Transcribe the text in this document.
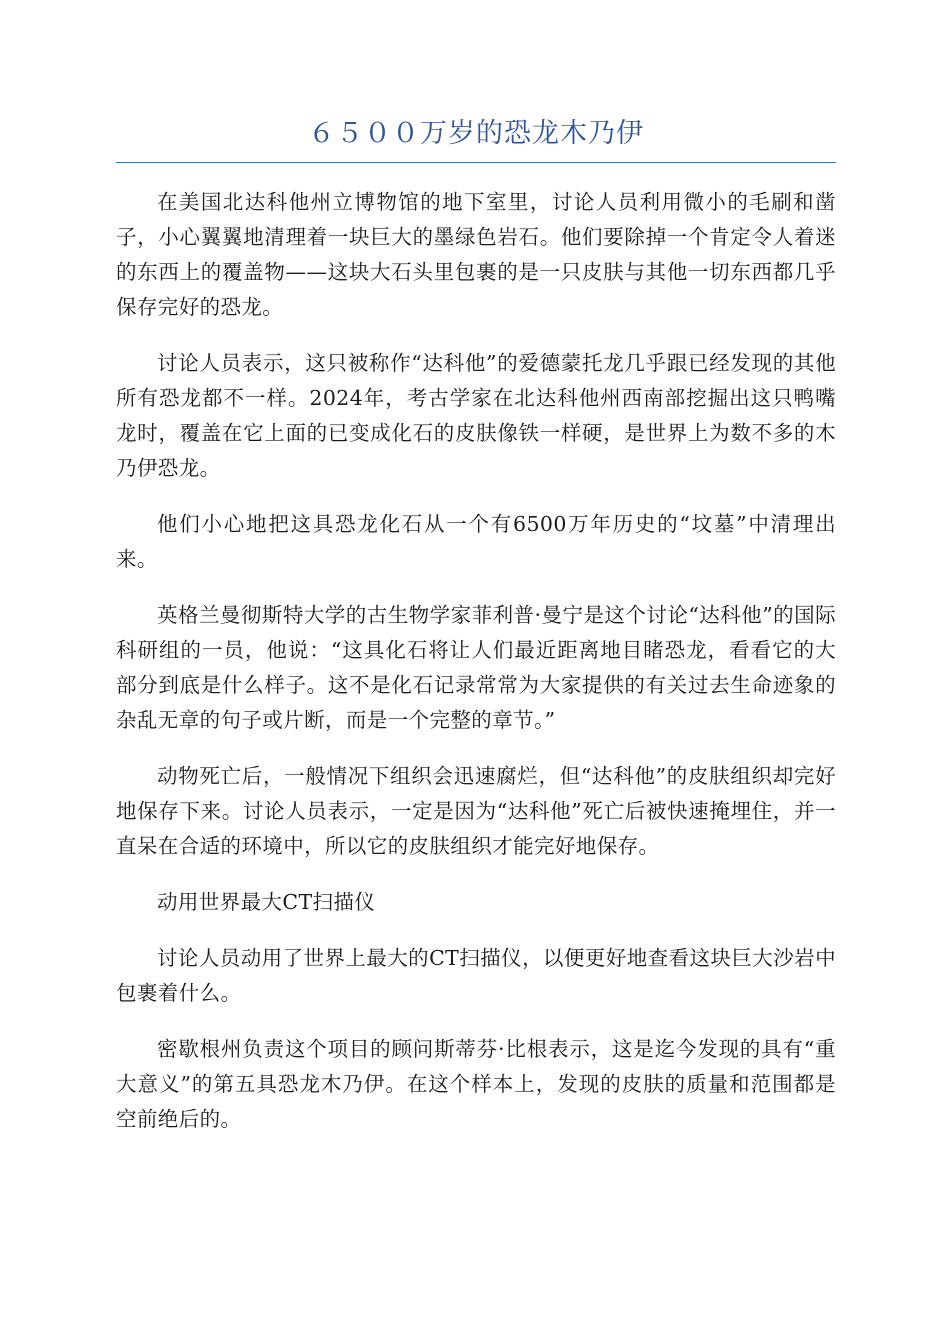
６５００万岁的恐龙木乃伊

在美国北达科他州立博物馆的地下室里，讨论人员利用微小的毛刷和凿子，小心翼翼地清理着一块巨大的墨绿色岩石。他们要除掉一个肯定令人着迷的东西上的覆盖物——这块大石头里包裹的是一只皮肤与其他一切东西都几乎保存完好的恐龙。

讨论人员表示，这只被称作“达科他”的爱德蒙托龙几乎跟已经发现的其他所有恐龙都不一样。2024年，考古学家在北达科他州西南部挖掘出这只鸭嘴龙时，覆盖在它上面的已变成化石的皮肤像铁一样硬，是世界上为数不多的木乃伊恐龙。

他们小心地把这具恐龙化石从一个有6500万年历史的“坟墓”中清理出来。

英格兰曼彻斯特大学的古生物学家菲利普·曼宁是这个讨论“达科他”的国际科研组的一员，他说：“这具化石将让人们最近距离地目睹恐龙，看看它的大部分到底是什么样子。这不是化石记录常常为大家提供的有关过去生命迹象的杂乱无章的句子或片断，而是一个完整的章节。”

动物死亡后，一般情况下组织会迅速腐烂，但“达科他”的皮肤组织却完好地保存下来。讨论人员表示，一定是因为“达科他”死亡后被快速掩埋住，并一直呆在合适的环境中，所以它的皮肤组织才能完好地保存。

动用世界最大CT扫描仪

讨论人员动用了世界上最大的CT扫描仪，以便更好地查看这块巨大沙岩中包裹着什么。

密歇根州负责这个项目的顾问斯蒂芬·比根表示，这是迄今发现的具有“重大意义”的第五具恐龙木乃伊。在这个样本上，发现的皮肤的质量和范围都是空前绝后的。
